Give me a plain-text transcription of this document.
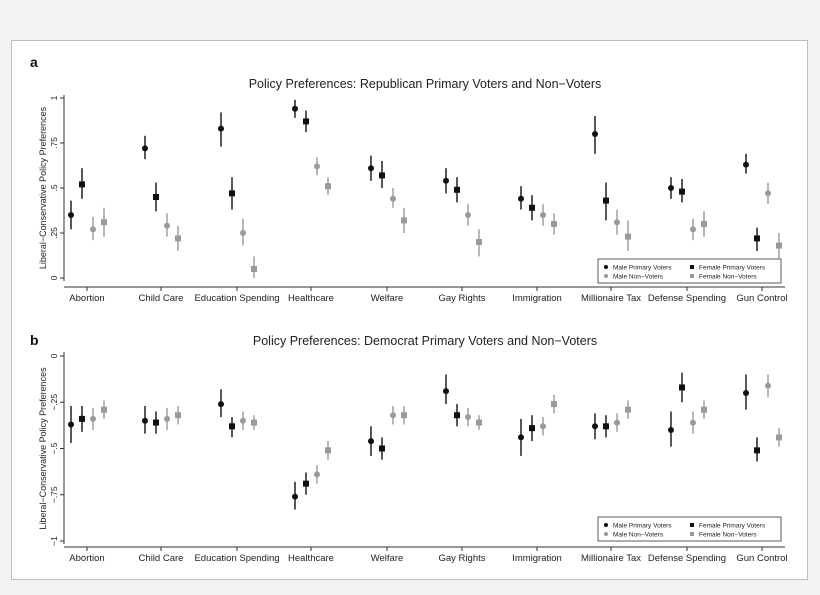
a
Policy Preferences: Republican Primary Voters and Non−Voters
0
.25
.5
.75
1
Liberal−Conservative Policy Preferences
Abortion	Child Care Education Spending Healthcare	Welfare	Gay Rights	Immigration Millionaire Tax Defense Spending Gun Control
Male Primary Voters	Female Primary Voters
Male Non−Voters	Female Non−Voters
b	Policy Preferences: Democrat Primary Voters and Non−Voters
−1
−.75
−.5
−.25
0
Liberal−Conservative Policy Preferences
Abortion	Child Care Education Spending Healthcare	Welfare	Gay Rights	Immigration Millionaire Tax Defense Spending Gun Control
Male Primary Voters	Female Primary Voters
Male Non−Voters	Female Non−Voters
